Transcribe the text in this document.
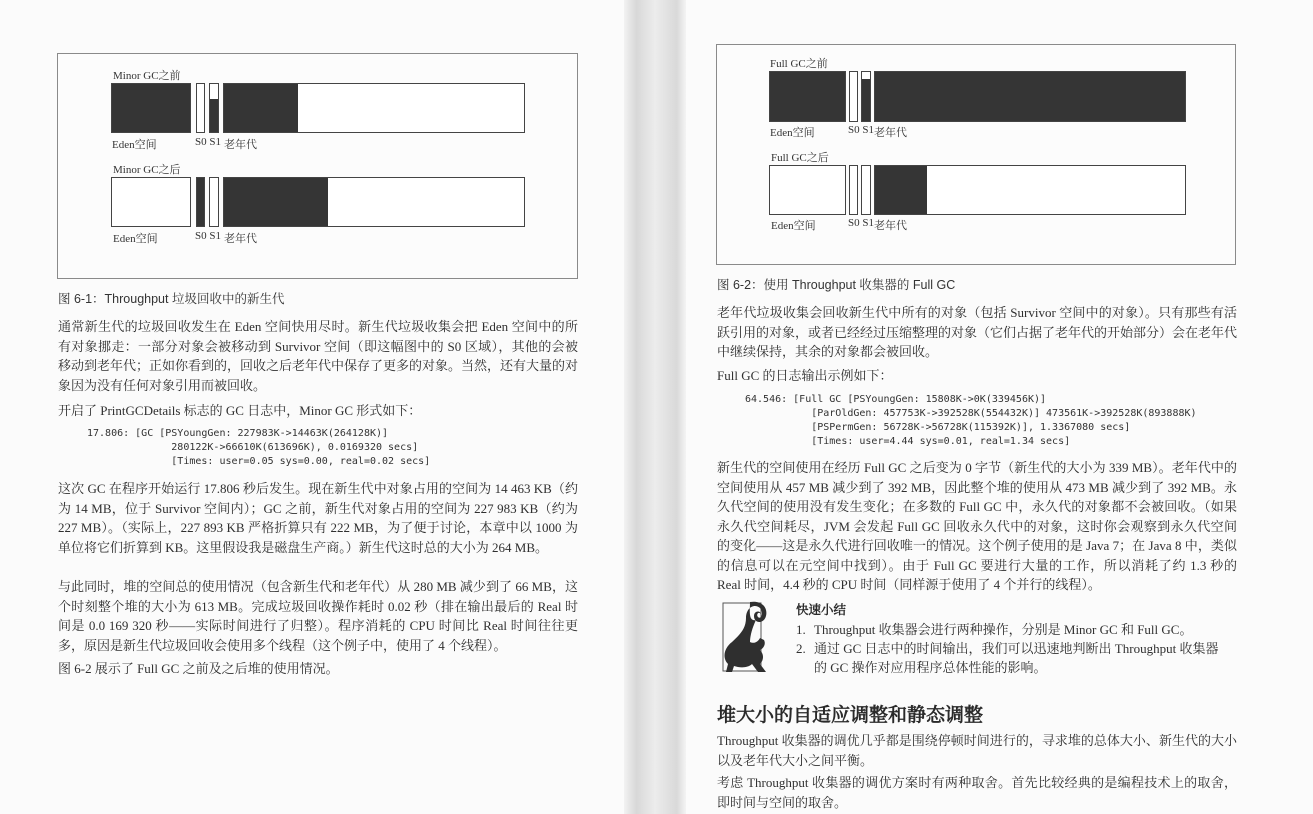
Minor GC之前
Eden空间	S0 S1 老年代
Minor GC之后
Eden空间	S0 S1 老年代
图 6-1：Throughput 垃圾回收中的新生代
通常新生代的垃圾回收发生在 Eden 空间快用尽时。新生代垃圾收集会把 Eden 空间中的所有对象挪走：一部分对象会被移动到 Survivor 空间（即这幅图中的 S0 区域），其他的会被移动到老年代；正如你看到的，回收之后老年代中保存了更多的对象。当然，还有大量的对象因为没有任何对象引用而被回收。
开启了 PrintGCDetails 标志的 GC 日志中，Minor GC 形式如下：
17.806: [GC [PSYoungGen: 227983K->14463K(264128K)]
280122K->66610K(613696K), 0.0169320 secs]
[Times: user=0.05 sys=0.00, real=0.02 secs]
这次 GC 在程序开始运行 17.806 秒后发生。现在新生代中对象占用的空间为 14 463 KB（约为 14 MB，位于 Survivor 空间内）；GC 之前，新生代对象占用的空间为 227 983 KB（约为 227 MB）。（实际上，227 893 KB 严格折算只有 222 MB，为了便于讨论，本章中以 1000 为单位将它们折算到 KB。这里假设我是磁盘生产商。）新生代这时总的大小为 264 MB。
与此同时，堆的空间总的使用情况（包含新生代和老年代）从 280 MB 减少到了 66 MB，这个时刻整个堆的大小为 613 MB。完成垃圾回收操作耗时 0.02 秒（排在输出最后的 Real 时间是 0.0 169 320 秒——实际时间进行了归整）。程序消耗的 CPU 时间比 Real 时间往往更多，原因是新生代垃圾回收会使用多个线程（这个例子中，使用了 4 个线程）。
图 6-2 展示了 Full GC 之前及之后堆的使用情况。
Full GC之前
Eden空间	S0 S1 老年代
Full GC之后
Eden空间	S0 S1 老年代
图 6-2：使用 Throughput 收集器的 Full GC
老年代垃圾收集会回收新生代中所有的对象（包括 Survivor 空间中的对象）。只有那些有活跃引用的对象，或者已经经过压缩整理的对象（它们占据了老年代的开始部分）会在老年代中继续保持，其余的对象都会被回收。
Full GC 的日志输出示例如下：
64.546: [Full GC [PSYoungGen: 15808K->0K(339456K)]
[ParOldGen: 457753K->392528K(554432K)] 473561K->392528K(893888K)
[PSPermGen: 56728K->56728K(115392K)], 1.3367080 secs]
[Times: user=4.44 sys=0.01, real=1.34 secs]
新生代的空间使用在经历 Full GC 之后变为 0 字节（新生代的大小为 339 MB）。老年代中的空间使用从 457 MB 减少到了 392 MB，因此整个堆的使用从 473 MB 减少到了 392 MB。永久代空间的使用没有发生变化；在多数的 Full GC 中，永久代的对象都不会被回收。（如果永久代空间耗尽，JVM 会发起 Full GC 回收永久代中的对象，这时你会观察到永久代空间的变化——这是永久代进行回收唯一的情况。这个例子使用的是 Java 7；在 Java 8 中，类似的信息可以在元空间中找到）。由于 Full GC 要进行大量的工作，所以消耗了约 1.3 秒的 Real 时间，4.4 秒的 CPU 时间（同样源于使用了 4 个并行的线程）。
快速小结
1. Throughput 收集器会进行两种操作，分别是 Minor GC 和 Full GC。
2. 通过 GC 日志中的时间输出，我们可以迅速地判断出 Throughput 收集器
的 GC 操作对应用程序总体性能的影响。
堆大小的自适应调整和静态调整
Throughput 收集器的调优几乎都是围绕停顿时间进行的，寻求堆的总体大小、新生代的大小以及老年代大小之间平衡。
考虑 Throughput 收集器的调优方案时有两种取舍。首先比较经典的是编程技术上的取舍，即时间与空间的取舍。
